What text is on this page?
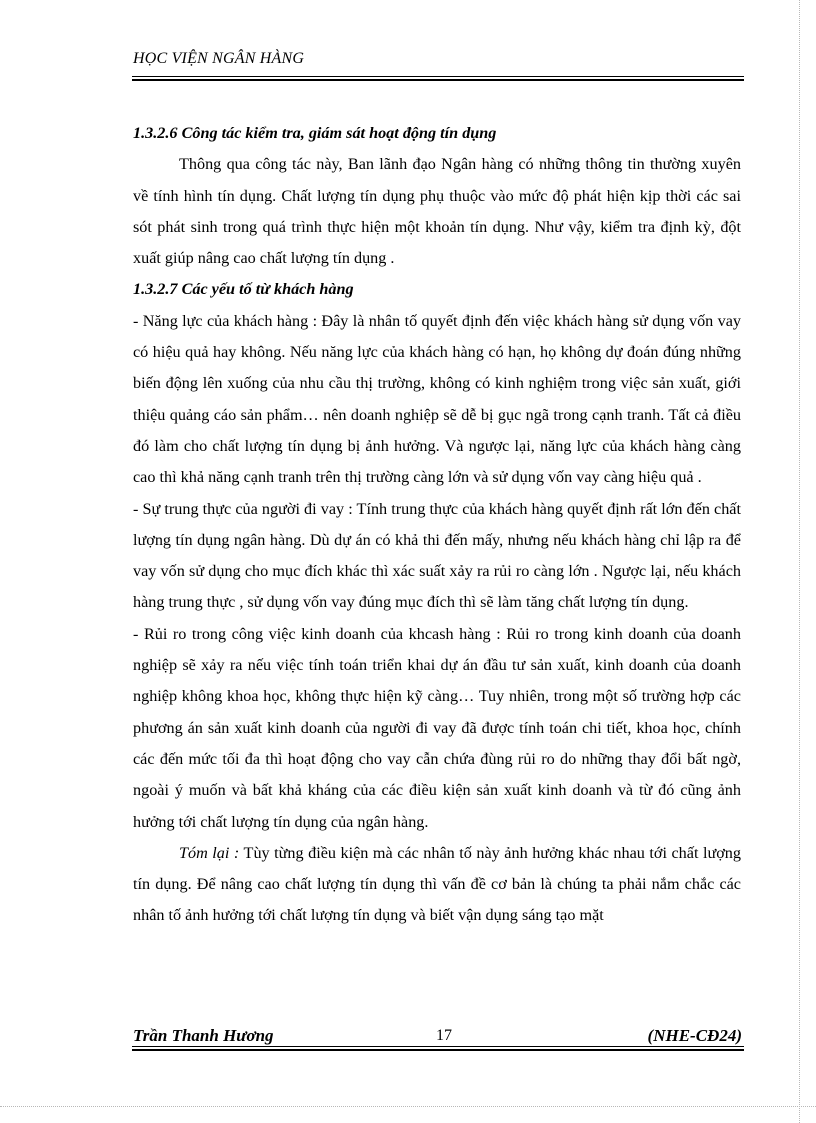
HỌC VIỆN NGÂN HÀNG

1.3.2.6 Công tác kiểm tra, giám sát hoạt động tín dụng

Thông qua công tác này, Ban lãnh đạo Ngân hàng có những thông tin thường xuyên về tính hình tín dụng. Chất lượng tín dụng phụ thuộc vào mức độ phát hiện kịp thời các sai sót phát sinh trong quá trình thực hiện một khoản tín dụng. Như vậy, kiểm tra định kỳ, đột xuất giúp nâng cao chất lượng tín dụng .

1.3.2.7 Các yếu tố từ khách hàng

- Năng lực của khách hàng : Đây là nhân tố quyết định đến việc khách hàng sử dụng vốn vay có hiệu quả hay không. Nếu năng lực của khách hàng có hạn, họ không dự đoán đúng những biến động lên xuống của nhu cầu thị trường, không có kinh nghiệm trong việc sản xuất, giới thiệu quảng cáo sản phẩm… nên doanh nghiệp sẽ dễ bị gục ngã trong cạnh tranh. Tất cả điều đó làm cho chất lượng tín dụng bị ảnh hưởng. Và ngược lại, năng lực của khách hàng càng cao thì khả năng cạnh tranh trên thị trường càng lớn và sử dụng vốn vay càng hiệu quả .

- Sự trung thực của người đi vay : Tính trung thực của khách hàng quyết định rất lớn đến chất lượng tín dụng ngân hàng. Dù dự án có khả thi đến mấy, nhưng nếu khách hàng chỉ lập ra để vay vốn sử dụng cho mục đích khác thì xác suất xảy ra rủi ro càng lớn . Ngược lại, nếu khách hàng trung thực , sử dụng vốn vay đúng mục đích thì sẽ làm tăng chất lượng tín dụng.

- Rủi ro trong công việc kinh doanh của khcash hàng : Rủi ro trong kinh doanh của doanh nghiệp sẽ xảy ra nếu việc tính toán triển khai dự án đầu tư sản xuất, kinh doanh của doanh nghiệp không khoa học, không thực hiện kỹ càng… Tuy nhiên, trong một số trường hợp các phương án sản xuất kinh doanh của người đi vay đã được tính toán chi tiết, khoa học, chính các đến mức tối đa thì hoạt động cho vay cẫn chứa đùng rủi ro do những thay đổi bất ngờ, ngoài ý muốn và bất khả kháng của các điều kiện sản xuất kinh doanh và từ đó cũng ảnh hưởng tới chất lượng tín dụng của ngân hàng.

Tóm lại : Tùy từng điều kiện mà các nhân tố này ảnh hưởng khác nhau tới chất lượng tín dụng. Để nâng cao chất lượng tín dụng thì vấn đề cơ bản là chúng ta phải nắm chắc các nhân tố ảnh hưởng tới chất lượng tín dụng và biết vận dụng sáng tạo mặt

Trần Thanh Hương	17	(NHE-CĐ24)
